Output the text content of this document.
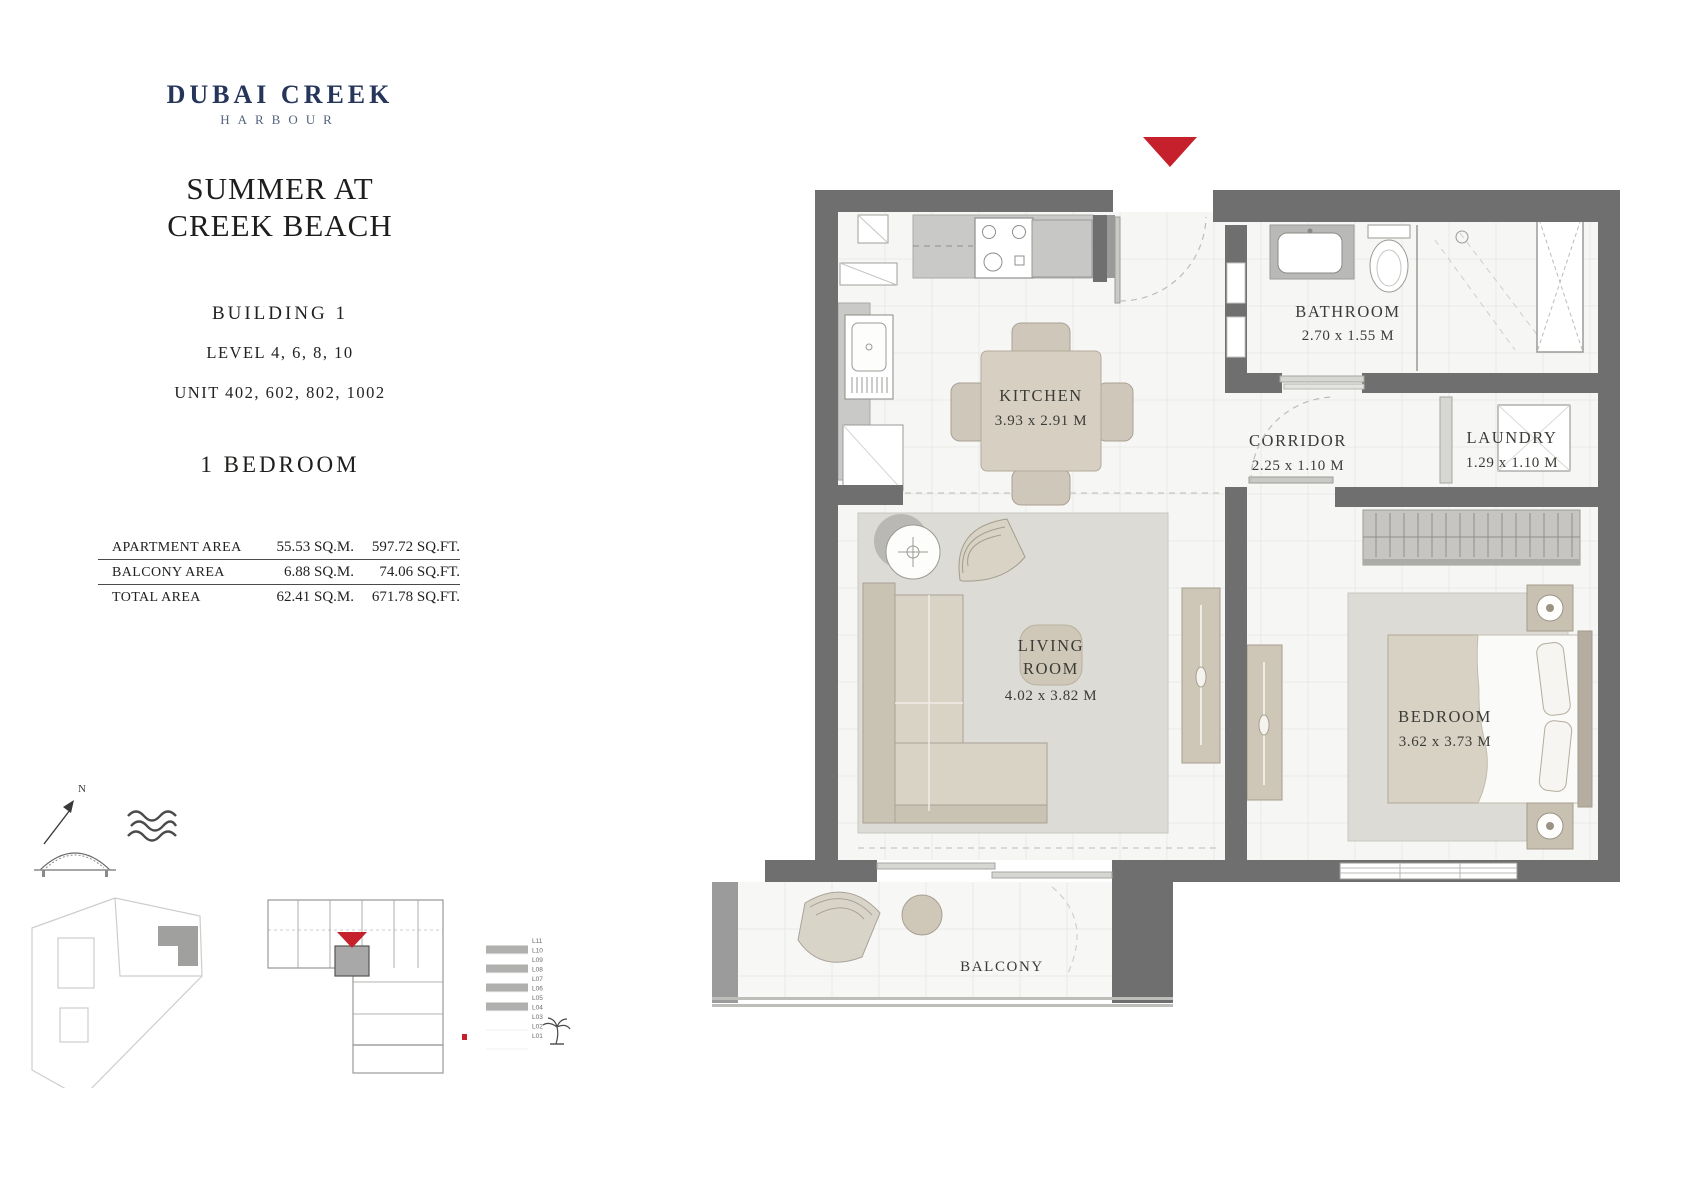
DUBAI CREEK
HARBOUR
SUMMER AT
CREEK BEACH
BUILDING 1
LEVEL 4, 6, 8, 10
UNIT 402, 602, 802, 1002
1 BEDROOM
APARTMENT AREA	55.53 SQ.M.	597.72 SQ.FT.
BALCONY AREA	6.88 SQ.M.	74.06 SQ.FT.
TOTAL AREA	62.41 SQ.M.	671.78 SQ.FT.
KITCHEN
3.93 x 2.91 M
LIVING
ROOM
4.02 x 3.82 M
BEDROOM
3.62 x 3.73 M
BATHROOM
2.70 x 1.55 M
CORRIDOR
2.25 x 1.10 M
LAUNDRY
1.29 x 1.10 M
BALCONY
N
L11
L10
L09
L08
L07
L06
L05
L04
L03
L02
L01
